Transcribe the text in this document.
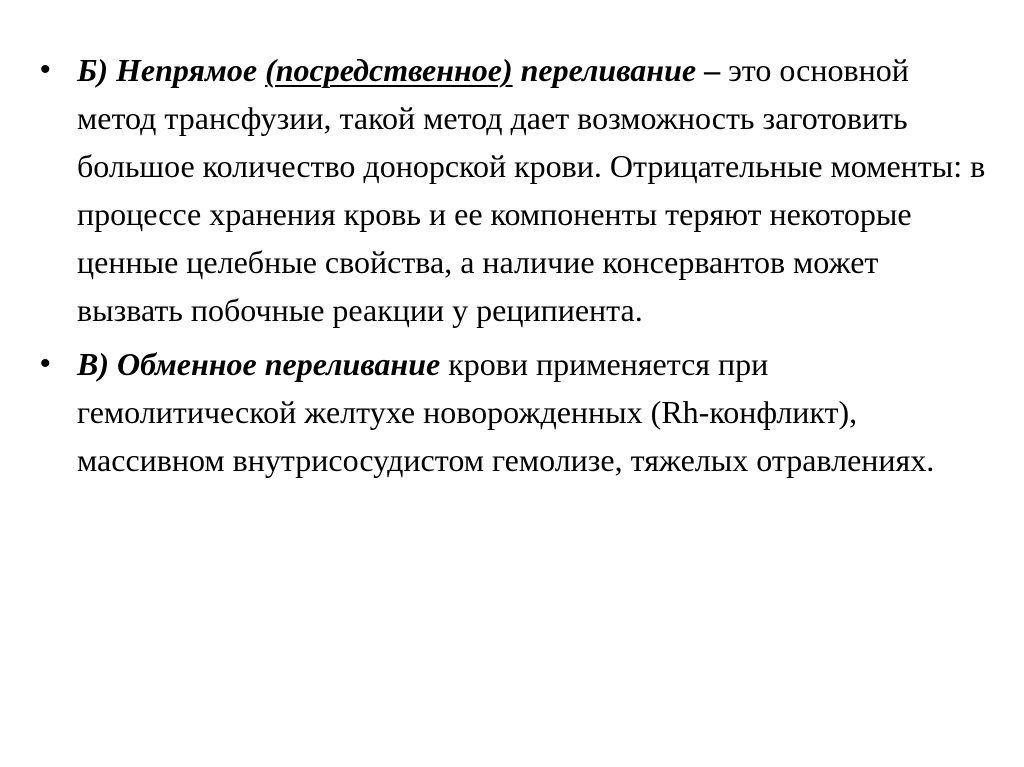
• Б) Непрямое (посредственное) переливание – это основной метод трансфузии, такой метод дает возможность заготовить большое количество донорской крови. Отрицательные моменты: в процессе хранения кровь и ее компоненты теряют некоторые ценные целебные свойства, а наличие консервантов может вызвать побочные реакции у реципиента.
• В) Обменное переливание крови применяется при гемолитической желтухе новорожденных (Rh-конфликт), массивном внутрисосудистом гемолизе, тяжелых отравлениях.
